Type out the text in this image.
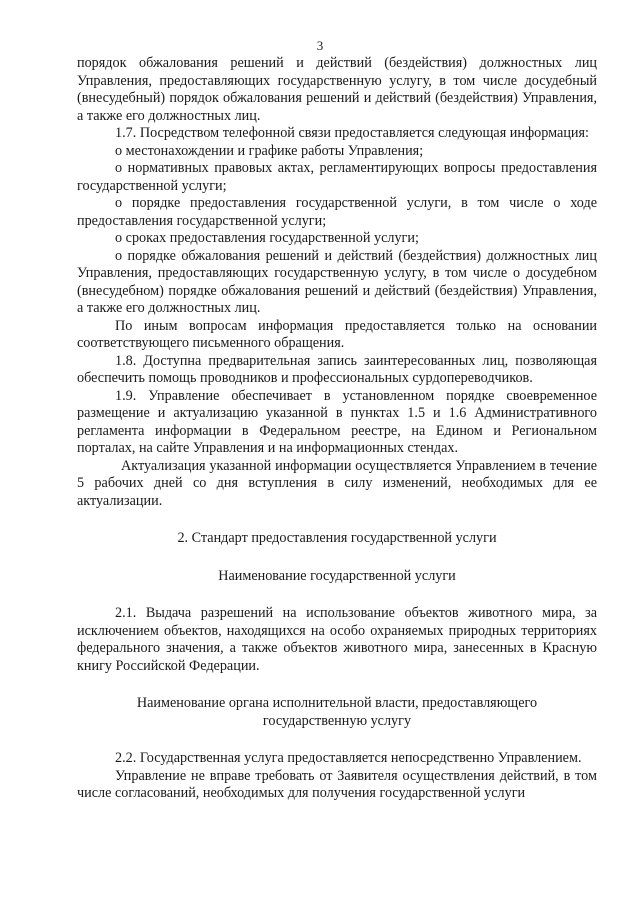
3

порядок обжалования решений и действий (бездействия) должностных лиц Управления, предоставляющих государственную услугу, в том числе досудебный (внесудебный) порядок обжалования решений и действий (бездействия) Управления, а также его должностных лиц.

1.7. Посредством телефонной связи предоставляется следующая информация:

о местонахождении и графике работы Управления;

о нормативных правовых актах, регламентирующих вопросы предоставления государственной услуги;

о порядке предоставления государственной услуги, в том числе о ходе предоставления государственной услуги;

о сроках предоставления государственной услуги;

о порядке обжалования решений и действий (бездействия) должностных лиц Управления, предоставляющих государственную услугу, в том числе о досудебном (внесудебном) порядке обжалования решений и действий (бездействия) Управления, а также его должностных лиц.

По иным вопросам информация предоставляется только на основании соответствующего письменного обращения.

1.8. Доступна предварительная запись заинтересованных лиц, позволяющая обеспечить помощь проводников и профессиональных сурдопереводчиков.

1.9. Управление обеспечивает в установленном порядке своевременное размещение и актуализацию указанной в пунктах 1.5 и 1.6 Административного регламента информации в Федеральном реестре, на Едином и Региональном порталах, на сайте Управления и на информационных стендах.

Актуализация указанной информации осуществляется Управлением в течение 5 рабочих дней со дня вступления в силу изменений, необходимых для ее актуализации.

2. Стандарт предоставления государственной услуги

Наименование государственной услуги

2.1. Выдача разрешений на использование объектов животного мира, за исключением объектов, находящихся на особо охраняемых природных территориях федерального значения, а также объектов животного мира, занесенных в Красную книгу Российской Федерации.

Наименование органа исполнительной власти, предоставляющего

государственную услугу

2.2. Государственная услуга предоставляется непосредственно Управлением.

Управление не вправе требовать от Заявителя осуществления действий, в том числе согласований, необходимых для получения государственной услуги
